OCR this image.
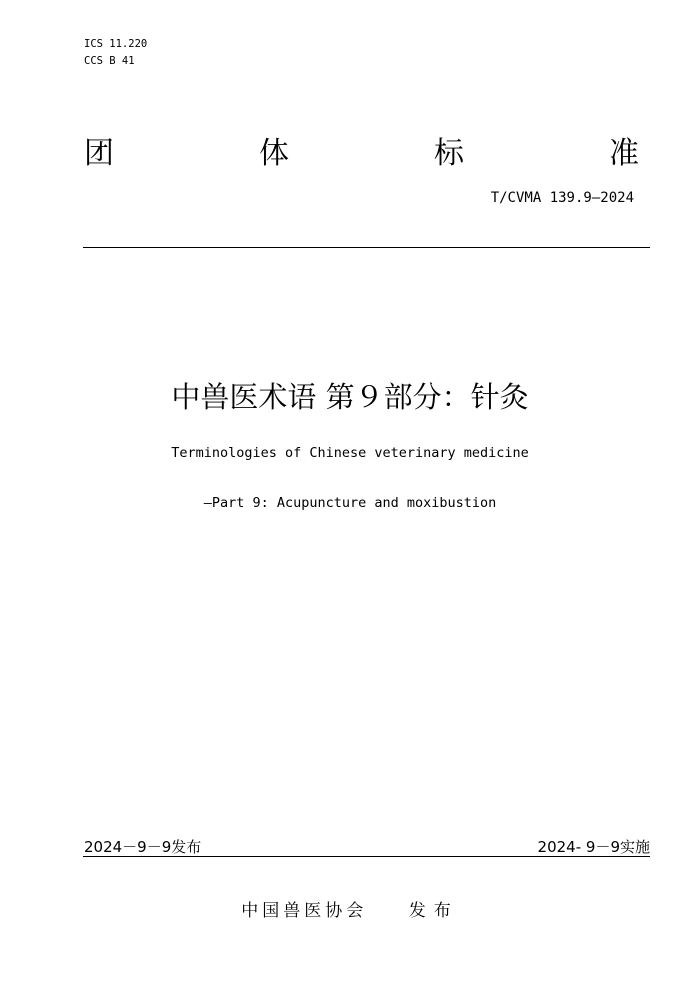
ICS 11.220
CCS B 41
团	体	标	准
T/CVMA 139.9—2024
中兽医术语 第９部分：针灸
Terminologies of Chinese veterinary medicine
—Part 9: Acupuncture and moxibustion
2024－9－9发布	2024- 9－9实施
中国兽医协会 发布
